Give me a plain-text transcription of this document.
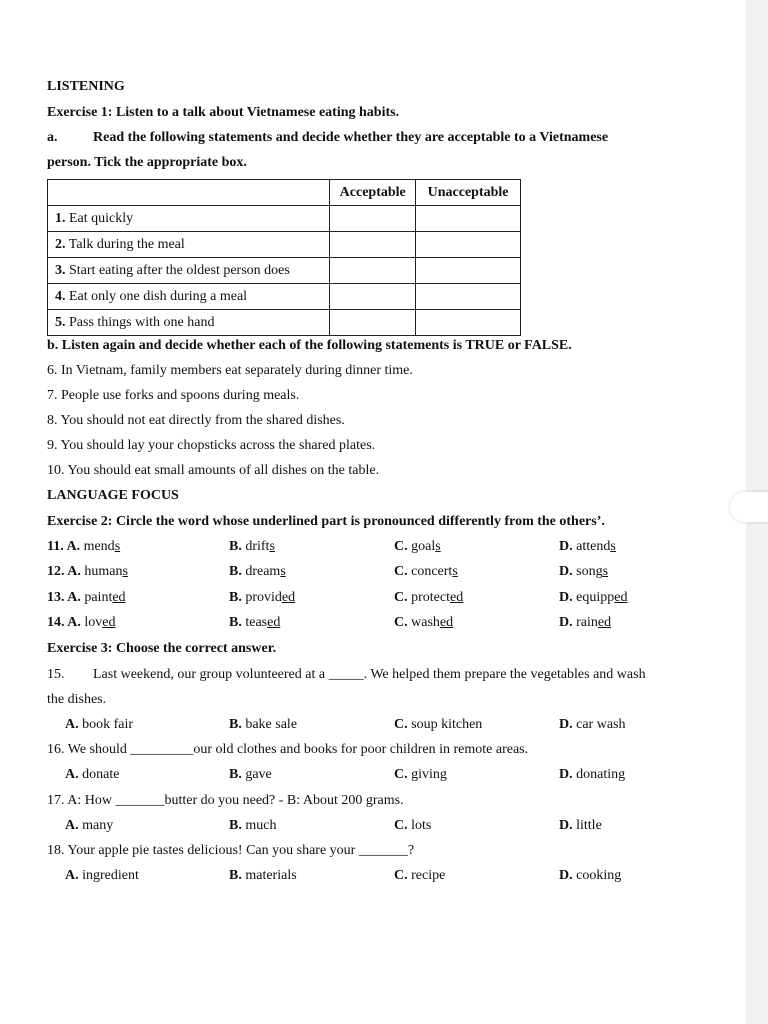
LISTENING
Exercise 1: Listen to a talk about Vietnamese eating habits.
a.	Read the following statements and decide whether they are acceptable to a Vietnamese
person. Tick the appropriate box.
	Acceptable	Unacceptable
1. Eat quickly		
2. Talk during the meal		
3. Start eating after the oldest person does		
4. Eat only one dish during a meal		
5. Pass things with one hand		
b. Listen again and decide whether each of the following statements is TRUE or FALSE.
6. In Vietnam, family members eat separately during dinner time.
7. People use forks and spoons during meals.
8. You should not eat directly from the shared dishes.
9. You should lay your chopsticks across the shared plates.
10. You should eat small amounts of all dishes on the table.
LANGUAGE FOCUS
Exercise 2: Circle the word whose underlined part is pronounced differently from the others’.
11. A. mends	B. drifts	C. goals	D. attends
12. A. humans	B. dreams	C. concerts	D. songs
13. A. painted	B. provided	C. protected	D. equipped
14. A. loved	B. teased	C. washed	D. rained
Exercise 3: Choose the correct answer.
15. Last weekend, our group volunteered at a _____. We helped them prepare the vegetables and wash
the dishes.
A. book fair	B. bake sale	C. soup kitchen	D. car wash
16. We should _________our old clothes and books for poor children in remote areas.
A. donate	B. gave	C. giving	D. donating
17. A: How _______butter do you need? - B: About 200 grams.
A. many	B. much	C. lots	D. little
18. Your apple pie tastes delicious! Can you share your _______?
A. ingredient	B. materials	C. recipe	D. cooking
